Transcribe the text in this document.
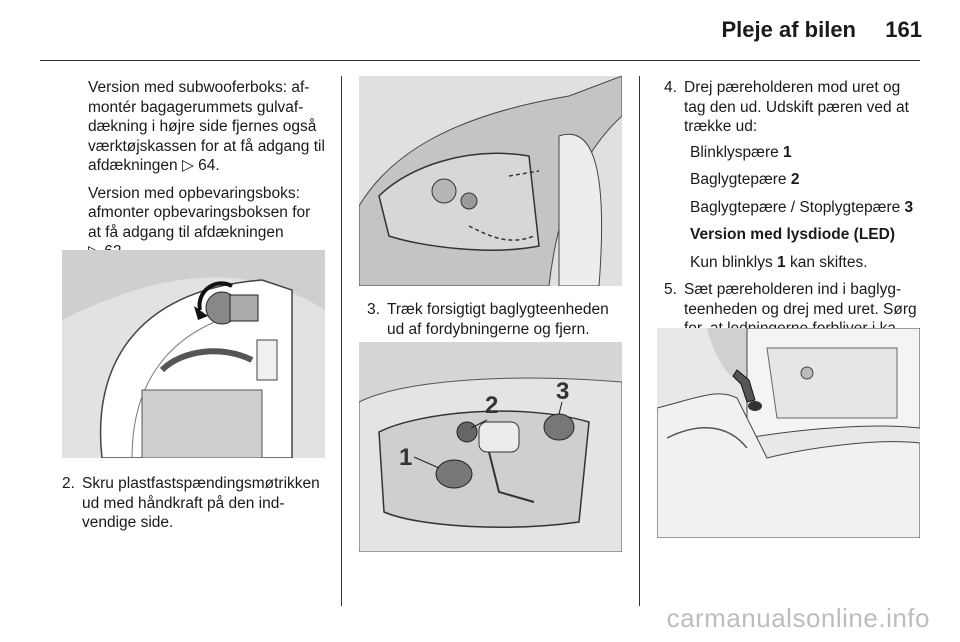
Pleje af bilen 161

Version med subwooferboks: afmontér bagagerummets gulvafdækning i højre side fjernes også værktøjskassen for at få adgang til afdækningen ▷ 64.

Version med opbevaringsboks: afmonter opbevaringsboksen for at få adgang til afdækningen

2. Skru plastfastspændingsmøtrikken ud med håndkraft på den indvendige side.
3. Træk forsigtigt baglygteenheden ud af fordybningerne og fjern.
1
2
3
4. Drej pæreholderen mod uret og tag den ud. Udskift pæren ved at trække ud:

Blinklyspære 1

Baglygtepære 2

Baglygtepære / Stoplygtepære 3

Version med lysdiode (LED)

Kun blinklys 1 kan skiftes.

5. Sæt pæreholderen ind i baglygteenheden og drej med uret. Sørg
carmanualsonline.info
